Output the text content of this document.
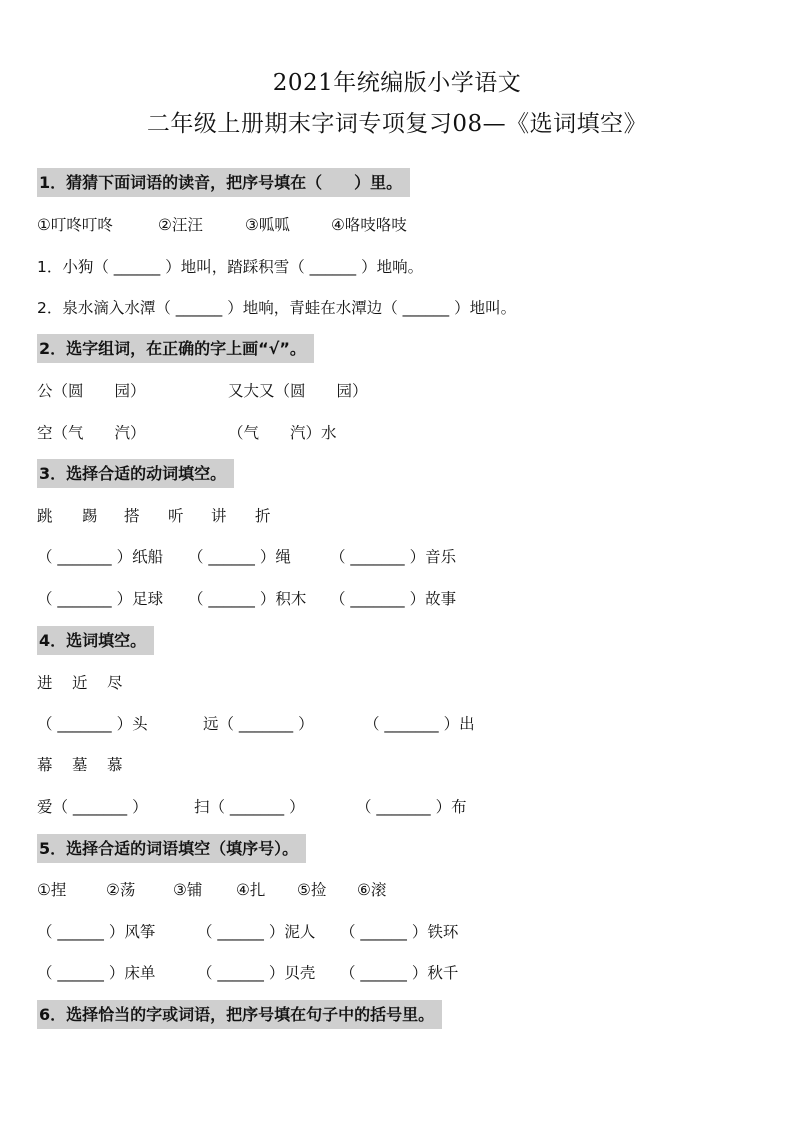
2021年统编版小学语文
二年级上册期末字词专项复习08—《选词填空》
1．猜猜下面词语的读音，把序号填在（　　）里。
①叮咚叮咚	②汪汪	③呱呱	④咯吱咯吱
1．小狗（ ______ ）地叫，踏踩积雪（ ______ ）地响。
2．泉水滴入水潭（ ______ ）地响，青蛙在水潭边（ ______ ）地叫。
2．选字组词，在正确的字上画“√”。
公（圆　　园）	又大又（圆　　园）
空（气　　汽）	（气　　汽）水
3．选择合适的动词填空。
跳 踢 搭 听 讲 折
（ _______ ）纸船 （ ______ ）绳	（ _______ ）音乐
（ _______ ）足球 （ ______ ）积木 （ _______ ）故事
4．选词填空。
进 近 尽
（ _______ ）头	远（ _______ ）	（ _______ ）出
幕 墓 慕
爱（ _______ ）	扫（ _______ ）	（ _______ ）布
5．选择合适的词语填空（填序号）。
①捏	②荡 ③铺 ④扎 ⑤捡 ⑥滚
（ ______ ）风筝	（ ______ ）泥人 （ ______ ）铁环
（ ______ ）床单	（ ______ ）贝壳 （ ______ ）秋千
6．选择恰当的字或词语，把序号填在句子中的括号里。
